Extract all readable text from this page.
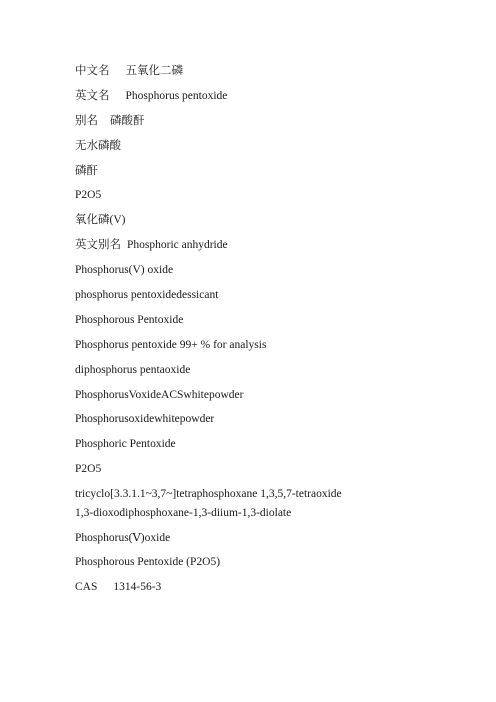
中文名 五氧化二磷
英文名 Phosphorus pentoxide
别名 磷酸酐
无水磷酸
磷酐
P2O5
氧化磷(V)
英文别名 Phosphoric anhydride
Phosphorus(V) oxide
phosphorus pentoxidedessicant
Phosphorous Pentoxide
Phosphorus pentoxide 99+ % for analysis
diphosphorus pentaoxide
PhosphorusVoxideACSwhitepowder
Phosphorusoxidewhitepowder
Phosphoric Pentoxide
P2O5
tricyclo[3.3.1.1~3,7~]tetraphosphoxane 1,3,5,7-tetraoxide
1,3-dioxodiphosphoxane-1,3-diium-1,3-diolate
Phosphorus(Ⅴ)oxide
Phosphorous Pentoxide (P2O5)
CAS 1314-56-3
